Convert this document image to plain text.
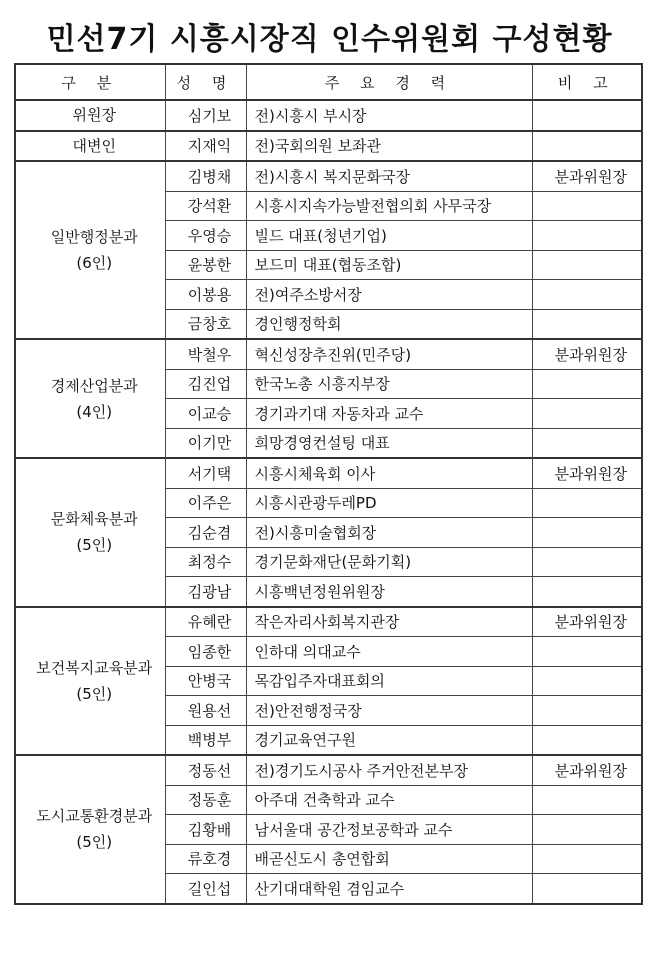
민선7기 시흥시장직 인수위원회 구성현황
구 분	성 명	주 요 경 력	비 고

위원장	심기보	전)시흥시 부시장	

대변인	지재익	전)국회의원 보좌관	

일반행정분과
(6인)	김병채	전)시흥시 복지문화국장	분과위원장
	강석환	시흥시지속가능발전협의회 사무국장	
	우영승	빌드 대표(청년기업)	
	윤봉한	보드미 대표(협동조합)	
	이봉용	전)여주소방서장	
	금창호	경인행정학회	

경제산업분과
(4인)	박철우	혁신성장추진위(민주당)	분과위원장
	김진업	한국노총 시흥지부장	
	이교승	경기과기대 자동차과 교수	
	이기만	희망경영컨설팅 대표	

문화체육분과
(5인)	서기택	시흥시체육회 이사	분과위원장
	이주은	시흥시관광두레PD	
	김순겸	전)시흥미술협회장	
	최정수	경기문화재단(문화기획)	
	김광남	시흥백년정원위원장	

보건복지교육분과
(5인)	유혜란	작은자리사회복지관장	분과위원장
	임종한	인하대 의대교수	
	안병국	목감입주자대표회의	
	원용선	전)안전행정국장	
	백병부	경기교육연구원	

도시교통환경분과
(5인)	정동선	전)경기도시공사 주거안전본부장	분과위원장
	정동훈	아주대 건축학과 교수	
	김황배	남서울대 공간정보공학과 교수	
	류호경	배곧신도시 총연합회	
	길인섭	산기대대학원 겸임교수	
